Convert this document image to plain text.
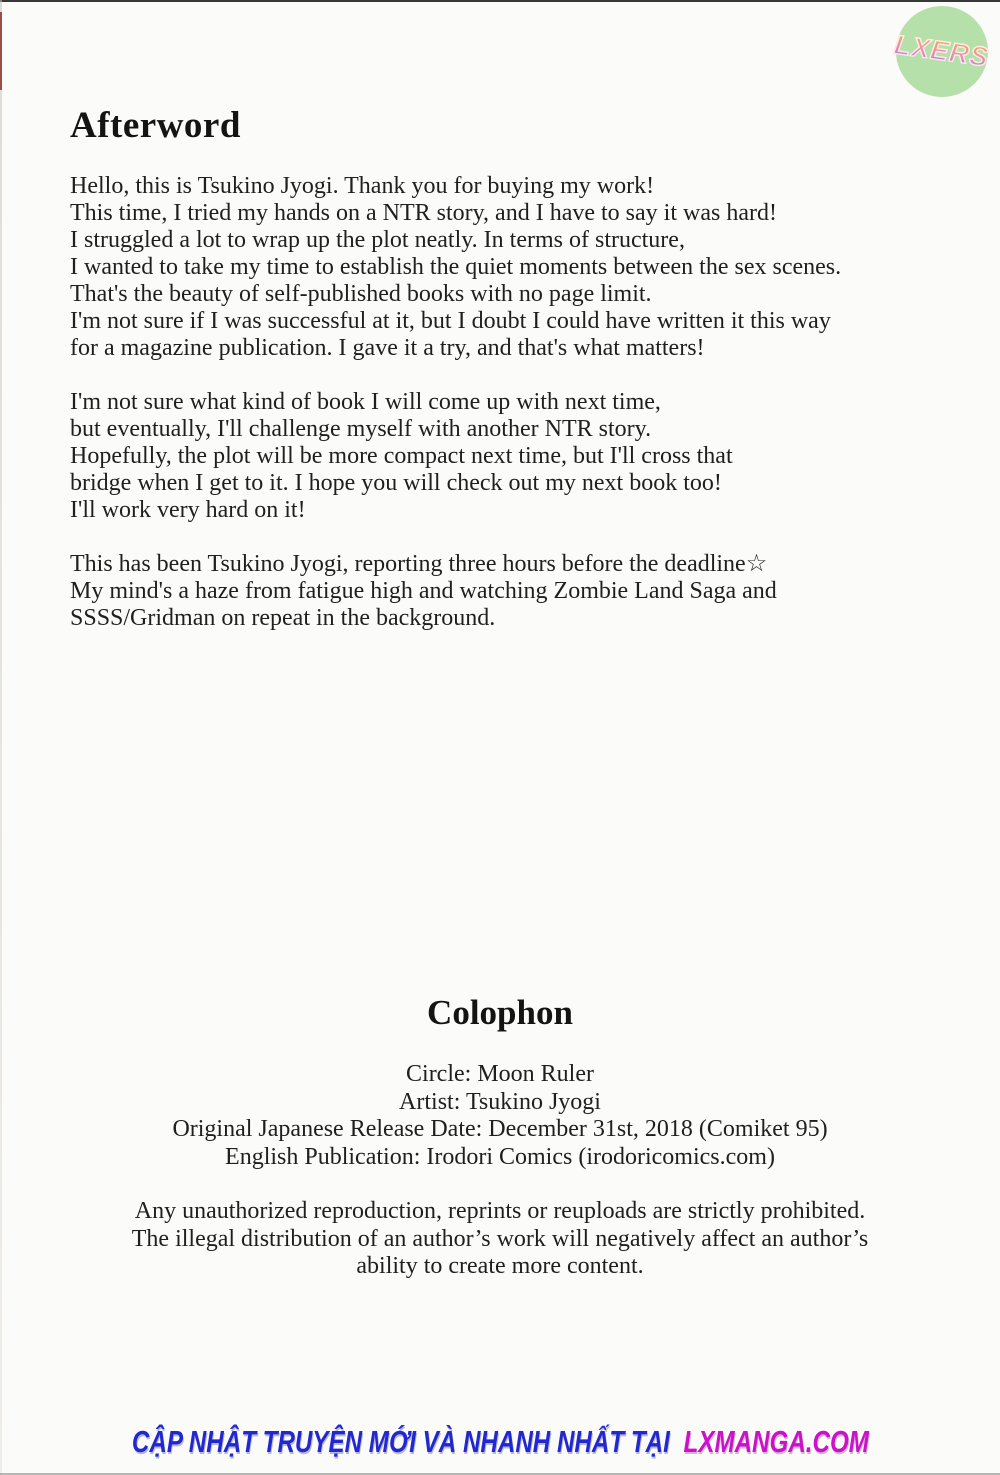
LXERS
Afterword
Hello, this is Tsukino Jyogi. Thank you for buying my work!
This time, I tried my hands on a NTR story, and I have to say it was hard!
I struggled a lot to wrap up the plot neatly. In terms of structure,
I wanted to take my time to establish the quiet moments between the sex scenes.
That's the beauty of self-published books with no page limit.
I'm not sure if I was successful at it, but I doubt I could have written it this way
for a magazine publication. I gave it a try, and that's what matters!
I'm not sure what kind of book I will come up with next time,
but eventually, I'll challenge myself with another NTR story.
Hopefully, the plot will be more compact next time, but I'll cross that
bridge when I get to it. I hope you will check out my next book too!
I'll work very hard on it!
This has been Tsukino Jyogi, reporting three hours before the deadline☆
My mind's a haze from fatigue high and watching Zombie Land Saga and
SSSS/Gridman on repeat in the background.
Colophon
Circle: Moon Ruler
Artist: Tsukino Jyogi
Original Japanese Release Date: December 31st, 2018 (Comiket 95)
English Publication: Irodori Comics (irodoricomics.com)
Any unauthorized reproduction, reprints or reuploads are strictly prohibited.
The illegal distribution of an author’s work will negatively affect an author’s
ability to create more content.
CẬP NHẬT TRUYỆN MỚI VÀ NHANH NHẤT TẠI LXMANGA.COM
